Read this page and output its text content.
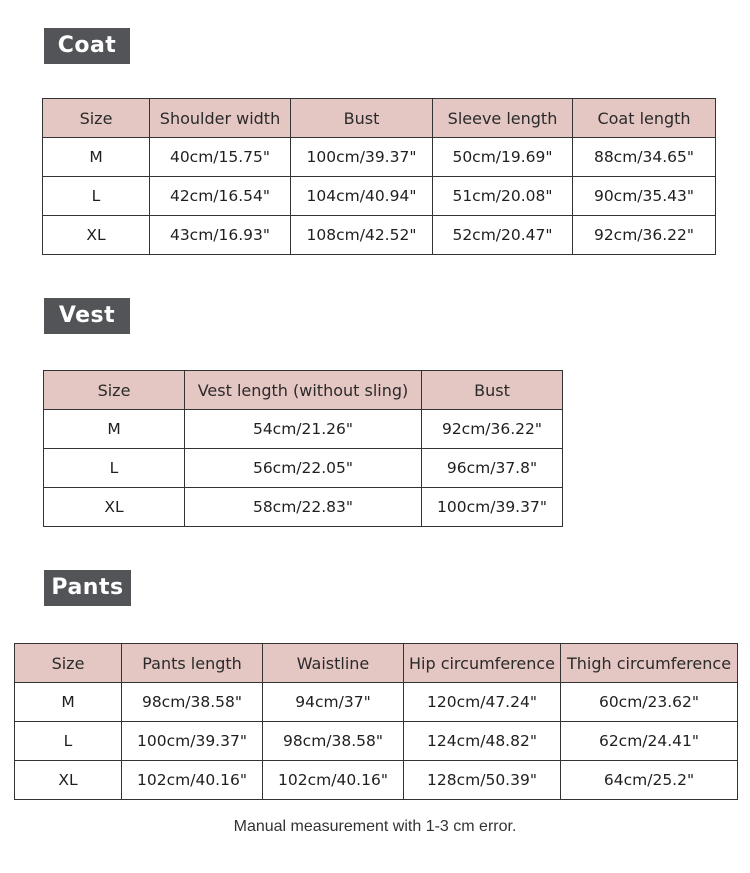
Coat
Size	Shoulder width	Bust	Sleeve length	Coat length
M	40cm/15.75"	100cm/39.37"	50cm/19.69"	88cm/34.65"
L	42cm/16.54"	104cm/40.94"	51cm/20.08"	90cm/35.43"
XL	43cm/16.93"	108cm/42.52"	52cm/20.47"	92cm/36.22"
Vest
Size	Vest length (without sling)	Bust
M	54cm/21.26"	92cm/36.22"
L	56cm/22.05"	96cm/37.8"
XL	58cm/22.83"	100cm/39.37"
Pants
Size	Pants length	Waistline	Hip circumference	Thigh circumference
M	98cm/38.58"	94cm/37"	120cm/47.24"	60cm/23.62"
L	100cm/39.37"	98cm/38.58"	124cm/48.82"	62cm/24.41"
XL	102cm/40.16"	102cm/40.16"	128cm/50.39"	64cm/25.2"
Manual measurement with 1-3 cm error.
